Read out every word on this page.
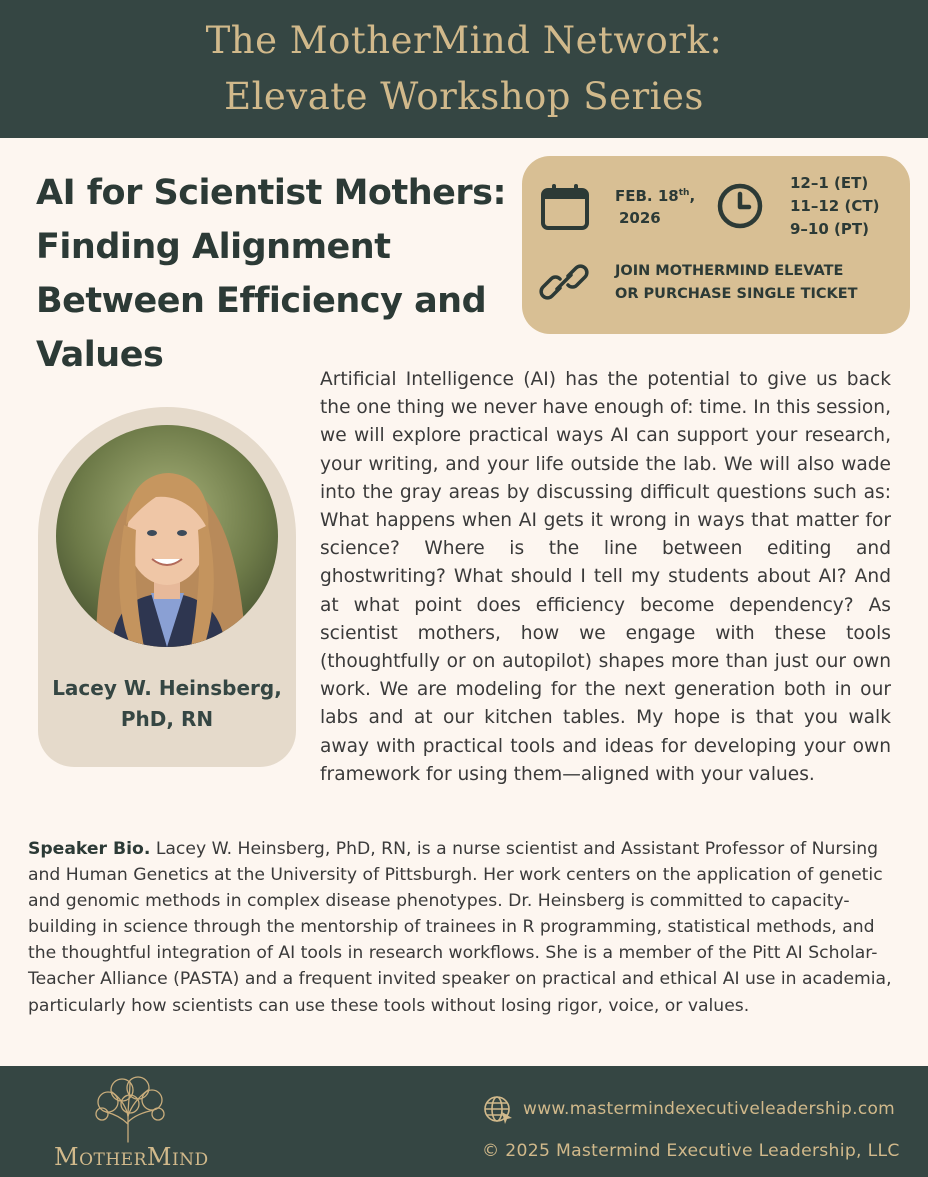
The MotherMind Network:
Elevate Workshop Series
AI for Scientist Mothers: Finding Alignment Between Efficiency and Values
FEB. 18th,
2026
12–1 (ET)
11–12 (CT)
9–10 (PT)
JOIN MOTHERMIND ELEVATE
OR PURCHASE SINGLE TICKET
Lacey W. Heinsberg,
PhD, RN

Artificial Intelligence (AI) has the potential to give us back the one thing we never have enough of: time. In this session, we will explore practical ways AI can support your research, your writing, and your life outside the lab. We will also wade into the gray areas by discussing difficult questions such as: What happens when AI gets it wrong in ways that matter for science? Where is the line between editing and ghostwriting? What should I tell my students about AI? And at what point does efficiency become dependency? As scientist mothers, how we engage with these tools (thoughtfully or on autopilot) shapes more than just our own work. We are modeling for the next generation both in our labs and at our kitchen tables. My hope is that you walk away with practical tools and ideas for developing your own framework for using them—aligned with your values.

Speaker Bio. Lacey W. Heinsberg, PhD, RN, is a nurse scientist and Assistant Professor of Nursing and Human Genetics at the University of Pittsburgh. Her work centers on the application of genetic and genomic methods in complex disease phenotypes. Dr. Heinsberg is committed to capacity-building in science through the mentorship of trainees in R programming, statistical methods, and the thoughtful integration of AI tools in research workflows. She is a member of the Pitt AI Scholar-Teacher Alliance (PASTA) and a frequent invited speaker on practical and ethical AI use in academia, particularly how scientists can use these tools without losing rigor, voice, or values.

MOTHERMIND
www.mastermindexecutiveleadership.com
© 2025 Mastermind Executive Leadership, LLC
